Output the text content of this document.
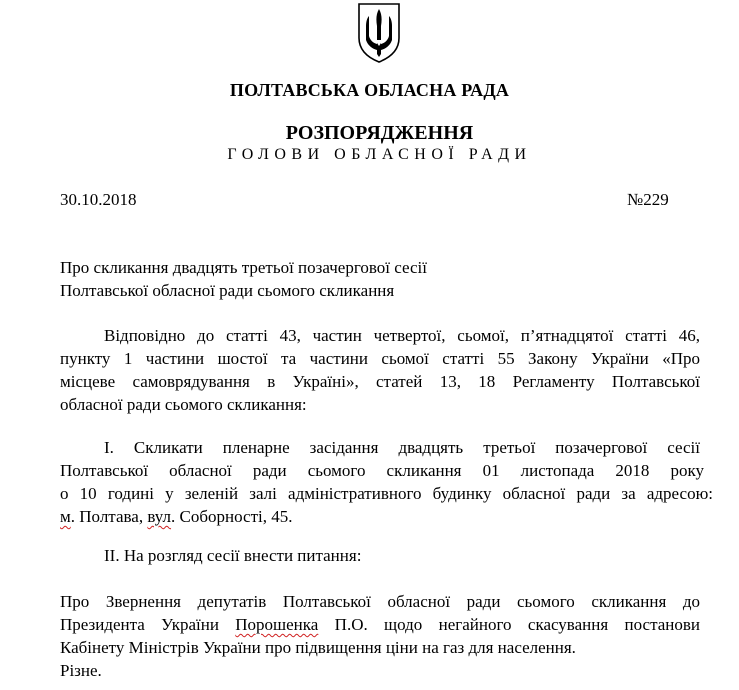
ПОЛТАВСЬКА ОБЛАСНА РАДА
РОЗПОРЯДЖЕННЯ
ГОЛОВИ ОБЛАСНОЇ РАДИ
30.10.2018	№229
Про скликання двадцять третьої позачергової сесії
Полтавської обласної ради сьомого скликання
Відповідно до статті 43, частин четвертої, сьомої, п’ятнадцятої статті 46,
пункту 1 частини шостої та частини сьомої статті 55 Закону України «Про
місцеве самоврядування в Україні», статей 13, 18 Регламенту Полтавської
обласної ради сьомого скликання:
І. Скликати пленарне засідання двадцять третьої позачергової сесії
Полтавської обласної ради сьомого скликання 01 листопада 2018 року
о 10 годині у зеленій залі адміністративного будинку обласної ради за адресою:
м. Полтава, вул. Соборності, 45.
ІІ. На розгляд сесії внести питання:
Про Звернення депутатів Полтавської обласної ради сьомого скликання до
Президента України Порошенка П.О. щодо негайного скасування постанови
Кабінету Міністрів України про підвищення ціни на газ для населення.
Різне.
